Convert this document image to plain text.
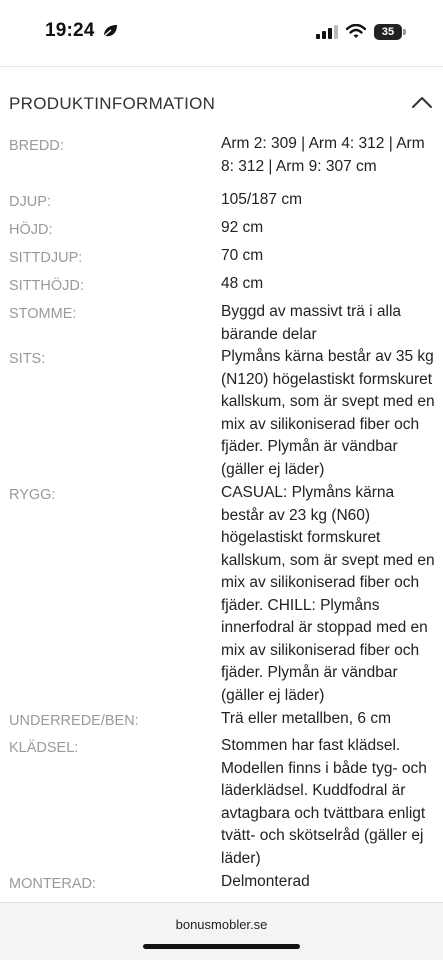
19:24	35
PRODUKTINFORMATION
BREDD:	Arm 2: 309 | Arm 4: 312 | Arm 8: 312 | Arm 9: 307 cm
DJUP:	105/187 cm
HÖJD:	92 cm
SITTDJUP:	70 cm
SITTHÖJD:	48 cm
STOMME:	Byggd av massivt trä i alla bärande delar
SITS:	Plymåns kärna består av 35 kg (N120) högelastiskt formskuret kallskum, som är svept med en mix av silikoniserad fiber och fjäder. Plymån är vändbar (gäller ej läder)
RYGG:	CASUAL: Plymåns kärna består av 23 kg (N60) högelastiskt formskuret kallskum, som är svept med en mix av silikoniserad fiber och fjäder. CHILL: Plymåns innerfodral är stoppad med en mix av silikoniserad fiber och fjäder. Plymån är vändbar (gäller ej läder)
UNDERREDE/BEN:	Trä eller metallben, 6 cm
KLÄDSEL:	Stommen har fast klädsel. Modellen finns i både tyg- och läderklädsel. Kuddfodral är avtagbara och tvättbara enligt tvätt- och skötselråd (gäller ej läder)
MONTERAD:	Delmonterad
bonusmobler.se
